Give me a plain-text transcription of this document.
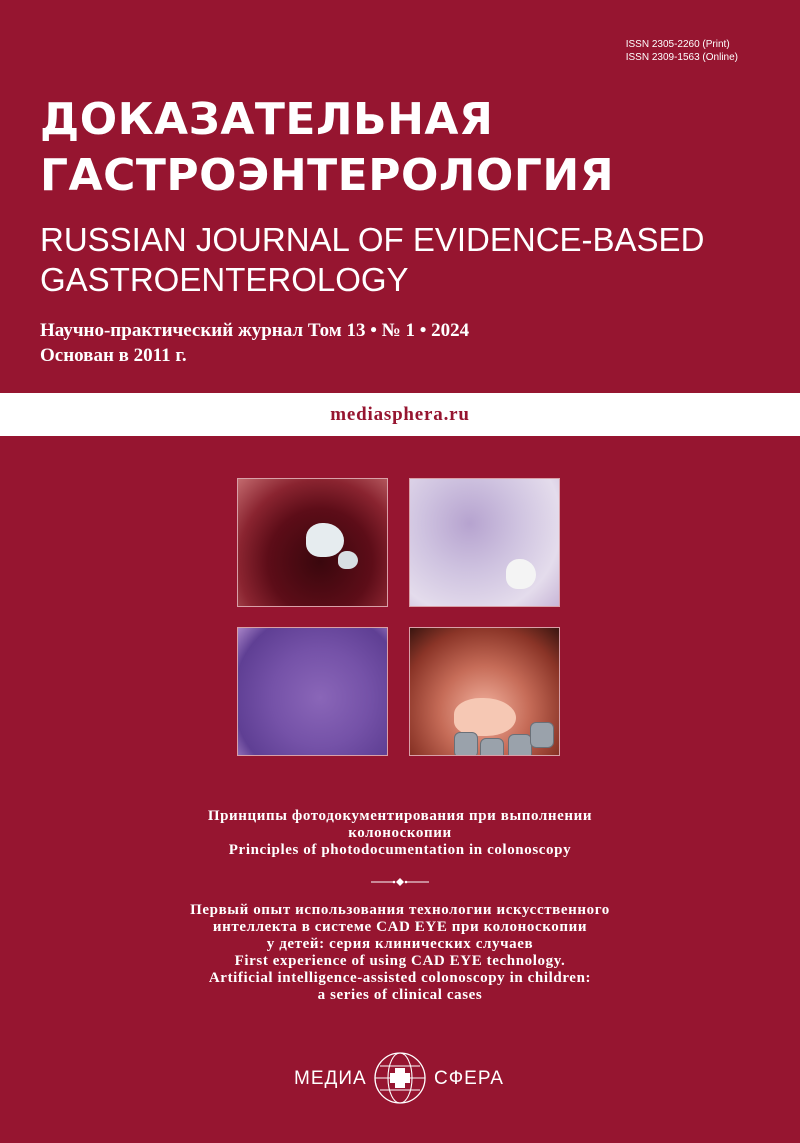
ISSN 2305-2260 (Print)
ISSN 2309-1563 (Online)
ДОКАЗАТЕЛЬНАЯ
ГАСТРОЭНТЕРОЛОГИЯ
RUSSIAN JOURNAL OF EVIDENCE-BASED
GASTROENTEROLOGY
Научно-практический журнал Том 13 • № 1 • 2024
Основан в 2011 г.
mediasphera.ru
Принципы фотодокументирования при выполнении
колоноскопии
Principles of photodocumentation in colonoscopy
Первый опыт использования технологии искусственного
интеллекта в системе CAD EYE при колоноскопии
у детей: серия клинических случаев
First experience of using CAD EYE technology.
Artificial intelligence-assisted colonoscopy in children:
a series of clinical cases
МЕДИА	СФЕРА
